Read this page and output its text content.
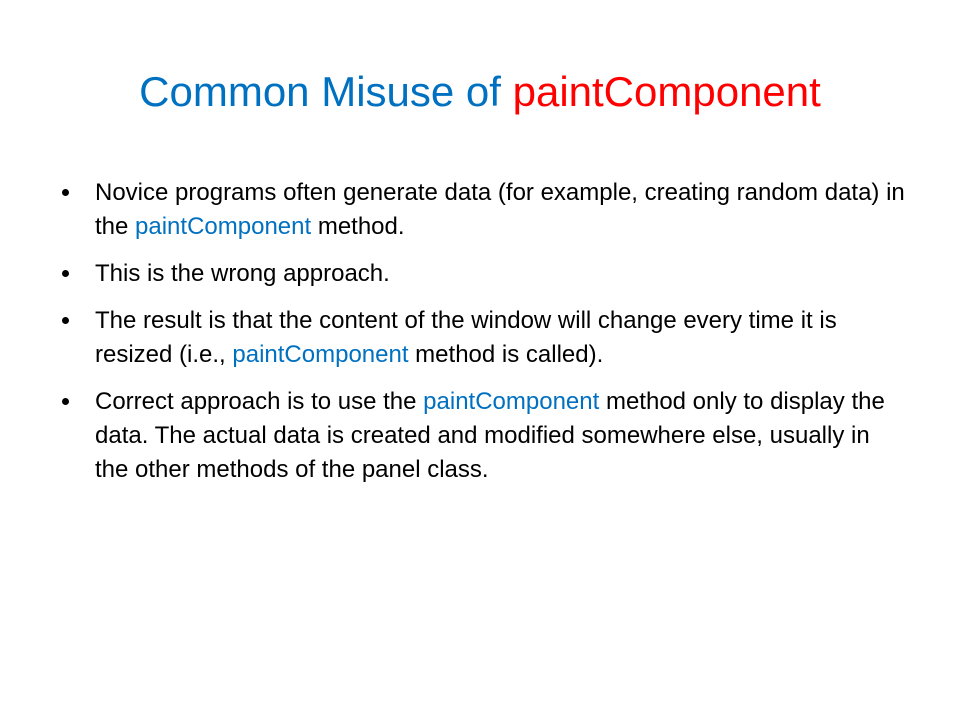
Common Misuse of paintComponent
Novice programs often generate data (for example, creating random data) in the paintComponent method.
This is the wrong approach.
The result is that the content of the window will change every time it is resized (i.e., paintComponent method is called).
Correct approach is to use the paintComponent method only to display the data. The actual data is created and modified somewhere else, usually in the other methods of the panel class.
